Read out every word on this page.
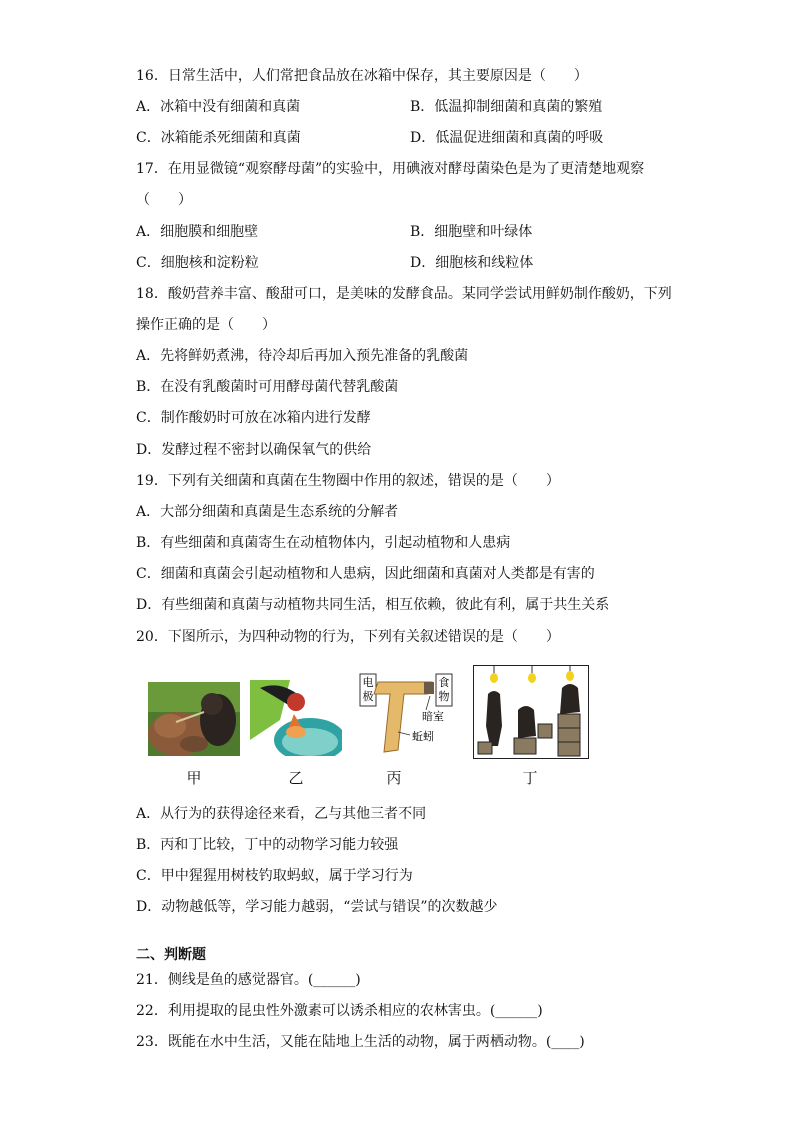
16．日常生活中，人们常把食品放在冰箱中保存，其主要原因是（　　）
A．冰箱中没有细菌和真菌	B．低温抑制细菌和真菌的繁殖
C．冰箱能杀死细菌和真菌	D．低温促进细菌和真菌的呼吸
17．在用显微镜“观察酵母菌”的实验中，用碘液对酵母菌染色是为了更清楚地观察
（　　）
A．细胞膜和细胞壁	B．细胞壁和叶绿体
C．细胞核和淀粉粒	D．细胞核和线粒体
18．酸奶营养丰富、酸甜可口，是美味的发酵食品。某同学尝试用鲜奶制作酸奶，下列
操作正确的是（　　）
A．先将鲜奶煮沸，待冷却后再加入预先准备的乳酸菌
B．在没有乳酸菌时可用酵母菌代替乳酸菌
C．制作酸奶时可放在冰箱内进行发酵
D．发酵过程不密封以确保氧气的供给
19．下列有关细菌和真菌在生物圈中作用的叙述，错误的是（　　）
A．大部分细菌和真菌是生态系统的分解者
B．有些细菌和真菌寄生在动植物体内，引起动植物和人患病
C．细菌和真菌会引起动植物和人患病，因此细菌和真菌对人类都是有害的
D．有些细菌和真菌与动植物共同生活，相互依赖，彼此有利，属于共生关系
20．下图所示，为四种动物的行为，下列有关叙述错误的是（　　）
电
极
食
物
暗室
蚯蚓
甲	乙	丙	丁
A．从行为的获得途径来看，乙与其他三者不同
B．丙和丁比较，丁中的动物学习能力较强
C．甲中猩猩用树枝钓取蚂蚁，属于学习行为
D．动物越低等，学习能力越弱，“尝试与错误”的次数越少
二、判断题
21．侧线是鱼的感觉器官。(______)
22．利用提取的昆虫性外激素可以诱杀相应的农林害虫。(______)
23．既能在水中生活，又能在陆地上生活的动物，属于两栖动物。(____)
